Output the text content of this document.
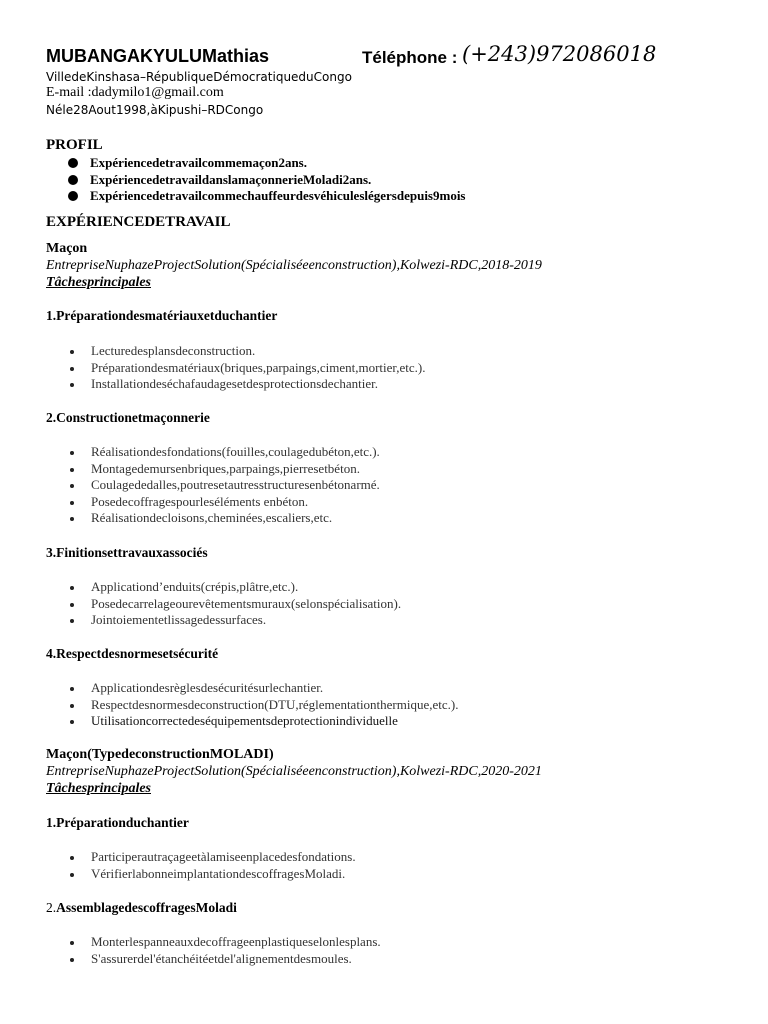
MUBANGAKYULUMathias	Téléphone : (+243)972086018
VilledeKinshasa–RépubliqueDémocratiqueduCongo
E-mail :dadymilo1@gmail.com
Néle28Aout1998,àKipushi–RDCongo
PROFIL
Expériencedetravailcommemaçon2ans.
ExpériencedetravaildanslamaçonnerieMoladi2ans.
Expériencedetravailcommechauffeurdesvéhiculeslégersdepuis9mois
EXPÉRIENCEDETRAVAIL
Maçon
EntrepriseNuphazeProjectSolution(Spécialiséeenconstruction),Kolwezi-RDC,2018-2019
Tâchesprincipales
1.Préparationdesmatériauxetduchantier
Lecturedesplansdeconstruction.
Préparationdesmatériaux(briques,parpaings,ciment,mortier,etc.).
Installationdeséchafaudagesetdesprotectionsdechantier.
2.Constructionetmaçonnerie
Réalisationdesfondations(fouilles,coulagedubéton,etc.).
Montagedemursenbriques,parpaings,pierresetbéton.
Coulagededalles,poutresetautresstructuresenbétonarmé.
Posedecoffragespourleséléments enbéton.
Réalisationdecloisons,cheminées,escaliers,etc.
3.Finitionsettravauxassociés
Applicationd’enduits(crépis,plâtre,etc.).
Posedecarrelageourevêtementsmuraux(selonspécialisation).
Jointoiementetlissagedessurfaces.
4.Respectdesnormesetsécurité
Applicationdesrèglesdesécuritésurlechantier.
Respectdesnormesdeconstruction(DTU,réglementationthermique,etc.).
Utilisationcorrectedeséquipementsdeprotectionindividuelle
Maçon(TypedeconstructionMOLADI)
EntrepriseNuphazeProjectSolution(Spécialiséeenconstruction),Kolwezi-RDC,2020-2021
Tâchesprincipales
1.Préparationduchantier
Participerautraçageetàlamiseenplacedesfondations.
VérifierlabonneimplantationdescoffragesMoladi.
2.AssemblagedescoffragesMoladi
Monterlespanneauxdecoffrageenplastiqueselonlesplans.
S'assurerdel'étanchéitéetdel'alignementdesmoules.
